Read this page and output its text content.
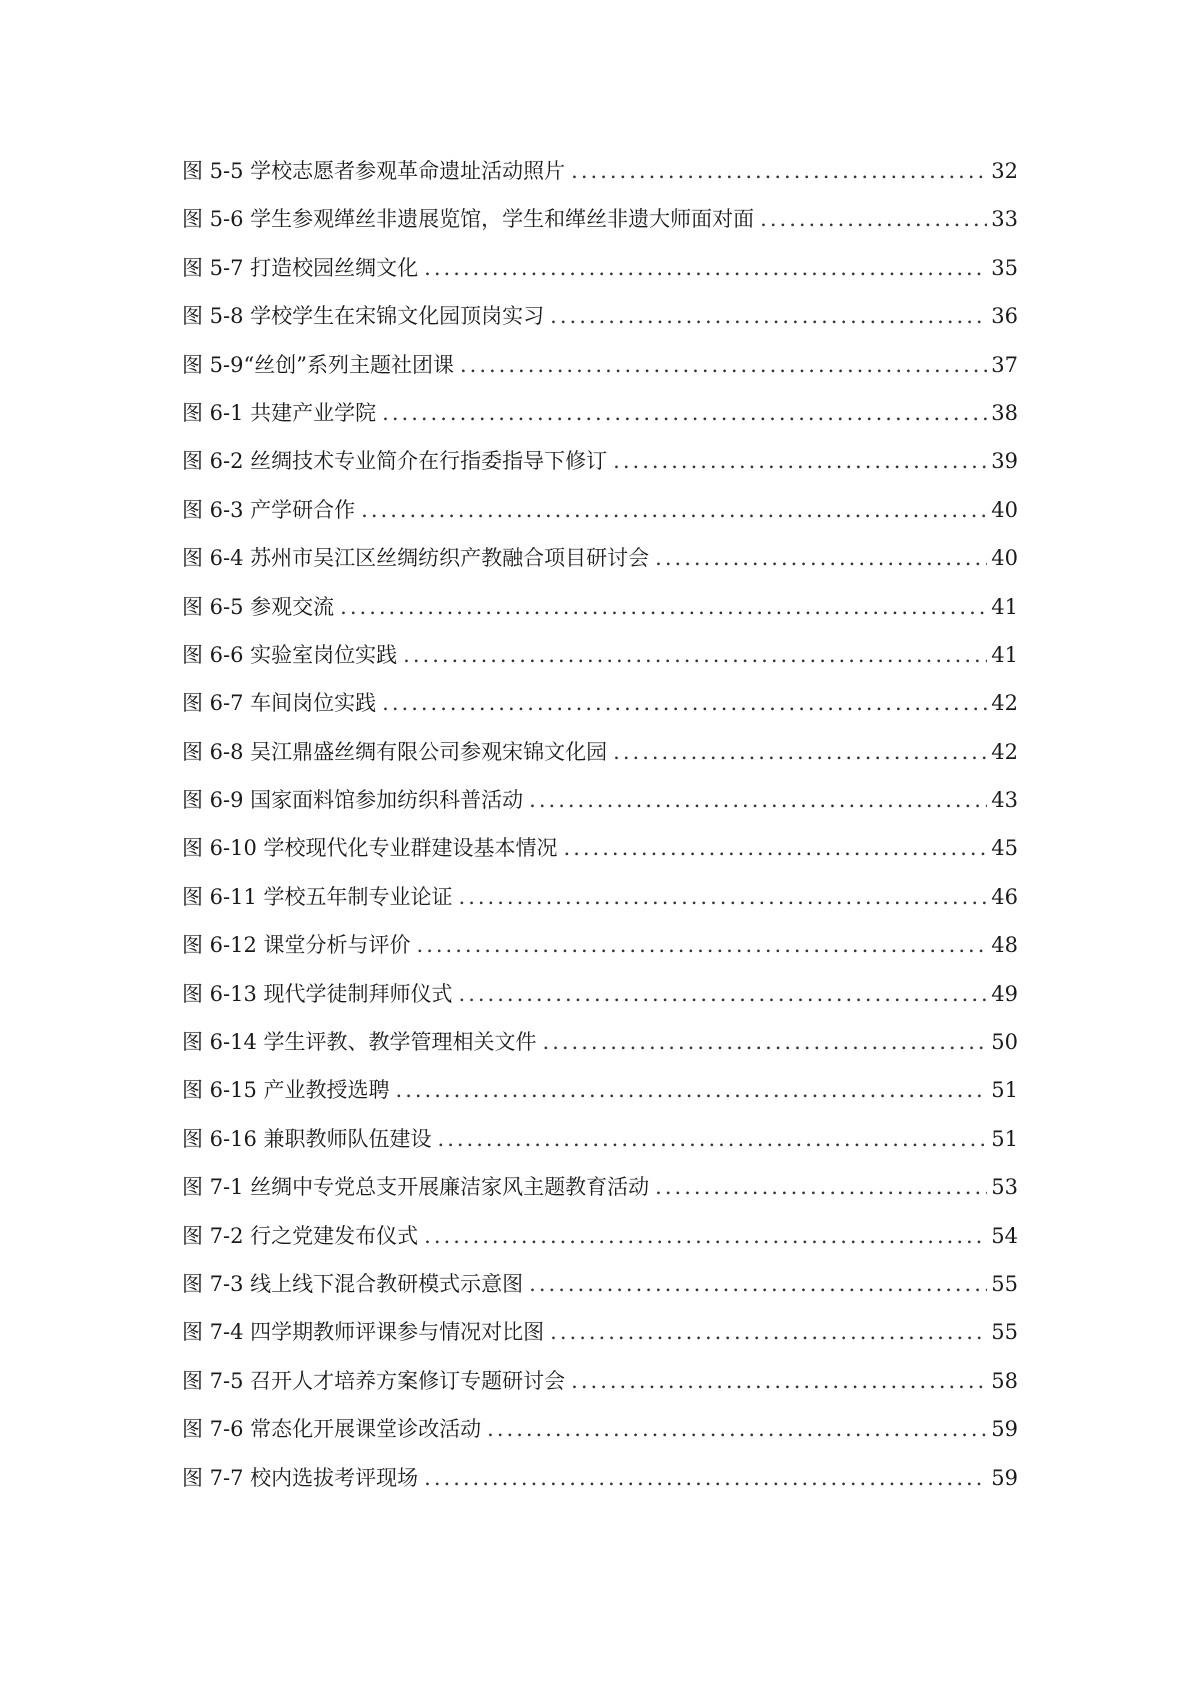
图 5-5 学校志愿者参观革命遗址活动照片 .....	32
图 5-6 学生参观缂丝非遗展览馆，学生和缂丝非遗大师面对面 .....	33
图 5-7 打造校园丝绸文化 .....	35
图 5-8 学校学生在宋锦文化园顶岗实习 .....	36
图 5-9“丝创”系列主题社团课 .....	37
图 6-1 共建产业学院 .....	38
图 6-2 丝绸技术专业简介在行指委指导下修订 .....	39
图 6-3 产学研合作 .....	40
图 6-4 苏州市吴江区丝绸纺织产教融合项目研讨会 .....	40
图 6-5 参观交流 .....	41
图 6-6 实验室岗位实践 .....	41
图 6-7 车间岗位实践 .....	42
图 6-8 吴江鼎盛丝绸有限公司参观宋锦文化园 .....	42
图 6-9 国家面料馆参加纺织科普活动 .....	43
图 6-10 学校现代化专业群建设基本情况 .....	45
图 6-11 学校五年制专业论证 .....	46
图 6-12 课堂分析与评价 .....	48
图 6-13 现代学徒制拜师仪式 .....	49
图 6-14 学生评教、教学管理相关文件 .....	50
图 6-15 产业教授选聘 .....	51
图 6-16 兼职教师队伍建设 .....	51
图 7-1 丝绸中专党总支开展廉洁家风主题教育活动 .....	53
图 7-2 行之党建发布仪式 .....	54
图 7-3 线上线下混合教研模式示意图 .....	55
图 7-4 四学期教师评课参与情况对比图 .....	55
图 7-5 召开人才培养方案修订专题研讨会 .....	58
图 7-6 常态化开展课堂诊改活动 .....	59
图 7-7 校内选拔考评现场 .....	59
